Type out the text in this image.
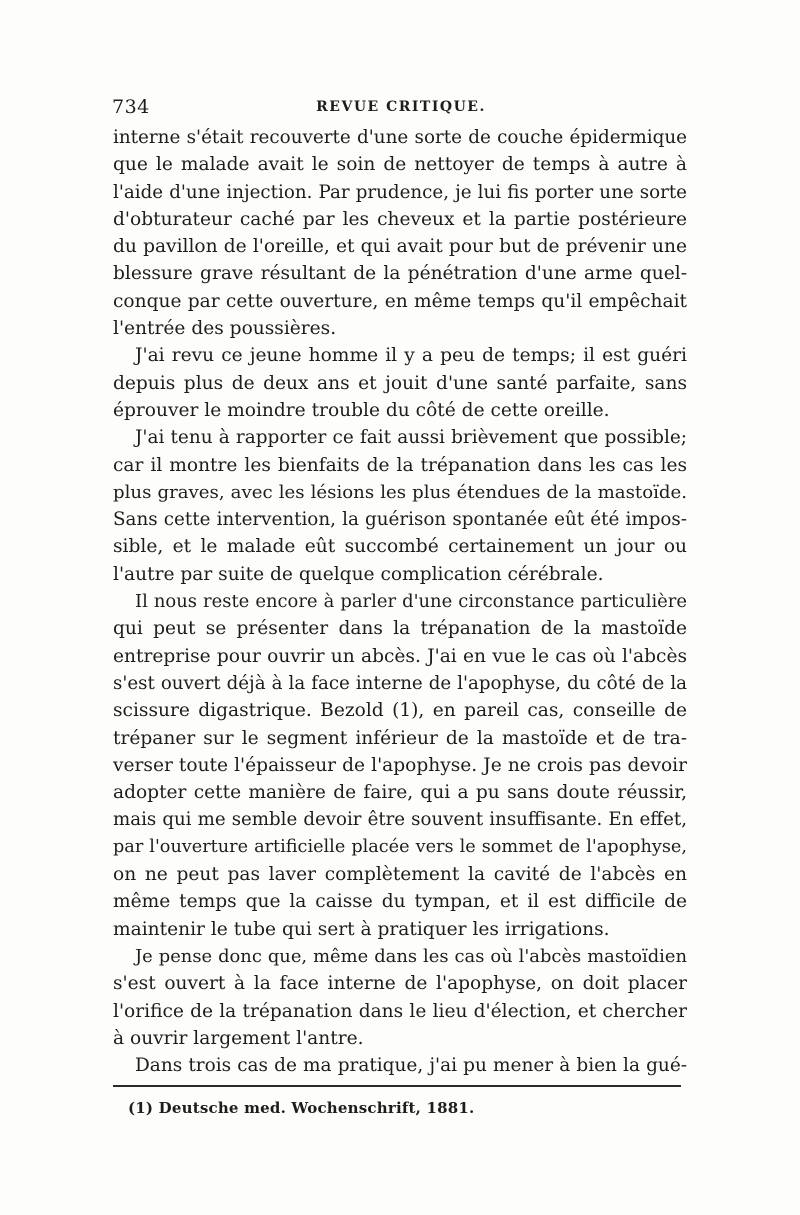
734	REVUE CRITIQUE.
interne s'était recouverte d'une sorte de couche épidermique
que le malade avait le soin de nettoyer de temps à autre à
l'aide d'une injection. Par prudence, je lui fis porter une sorte
d'obturateur caché par les cheveux et la partie postérieure
du pavillon de l'oreille, et qui avait pour but de prévenir une
blessure grave résultant de la pénétration d'une arme quel-
conque par cette ouverture, en même temps qu'il empêchait
l'entrée des poussières.
J'ai revu ce jeune homme il y a peu de temps; il est guéri
depuis plus de deux ans et jouit d'une santé parfaite, sans
éprouver le moindre trouble du côté de cette oreille.
J'ai tenu à rapporter ce fait aussi brièvement que possible;
car il montre les bienfaits de la trépanation dans les cas les
plus graves, avec les lésions les plus étendues de la mastoïde.
Sans cette intervention, la guérison spontanée eût été impos-
sible, et le malade eût succombé certainement un jour ou
l'autre par suite de quelque complication cérébrale.
Il nous reste encore à parler d'une circonstance particulière
qui peut se présenter dans la trépanation de la mastoïde
entreprise pour ouvrir un abcès. J'ai en vue le cas où l'abcès
s'est ouvert déjà à la face interne de l'apophyse, du côté de la
scissure digastrique. Bezold (1), en pareil cas, conseille de
trépaner sur le segment inférieur de la mastoïde et de tra-
verser toute l'épaisseur de l'apophyse. Je ne crois pas devoir
adopter cette manière de faire, qui a pu sans doute réussir,
mais qui me semble devoir être souvent insuffisante. En effet,
par l'ouverture artificielle placée vers le sommet de l'apophyse,
on ne peut pas laver complètement la cavité de l'abcès en
même temps que la caisse du tympan, et il est difficile de
maintenir le tube qui sert à pratiquer les irrigations.
Je pense donc que, même dans les cas où l'abcès mastoïdien
s'est ouvert à la face interne de l'apophyse, on doit placer
l'orifice de la trépanation dans le lieu d'élection, et chercher
à ouvrir largement l'antre.
Dans trois cas de ma pratique, j'ai pu mener à bien la gué-
(1) Deutsche med. Wochenschrift, 1881.
